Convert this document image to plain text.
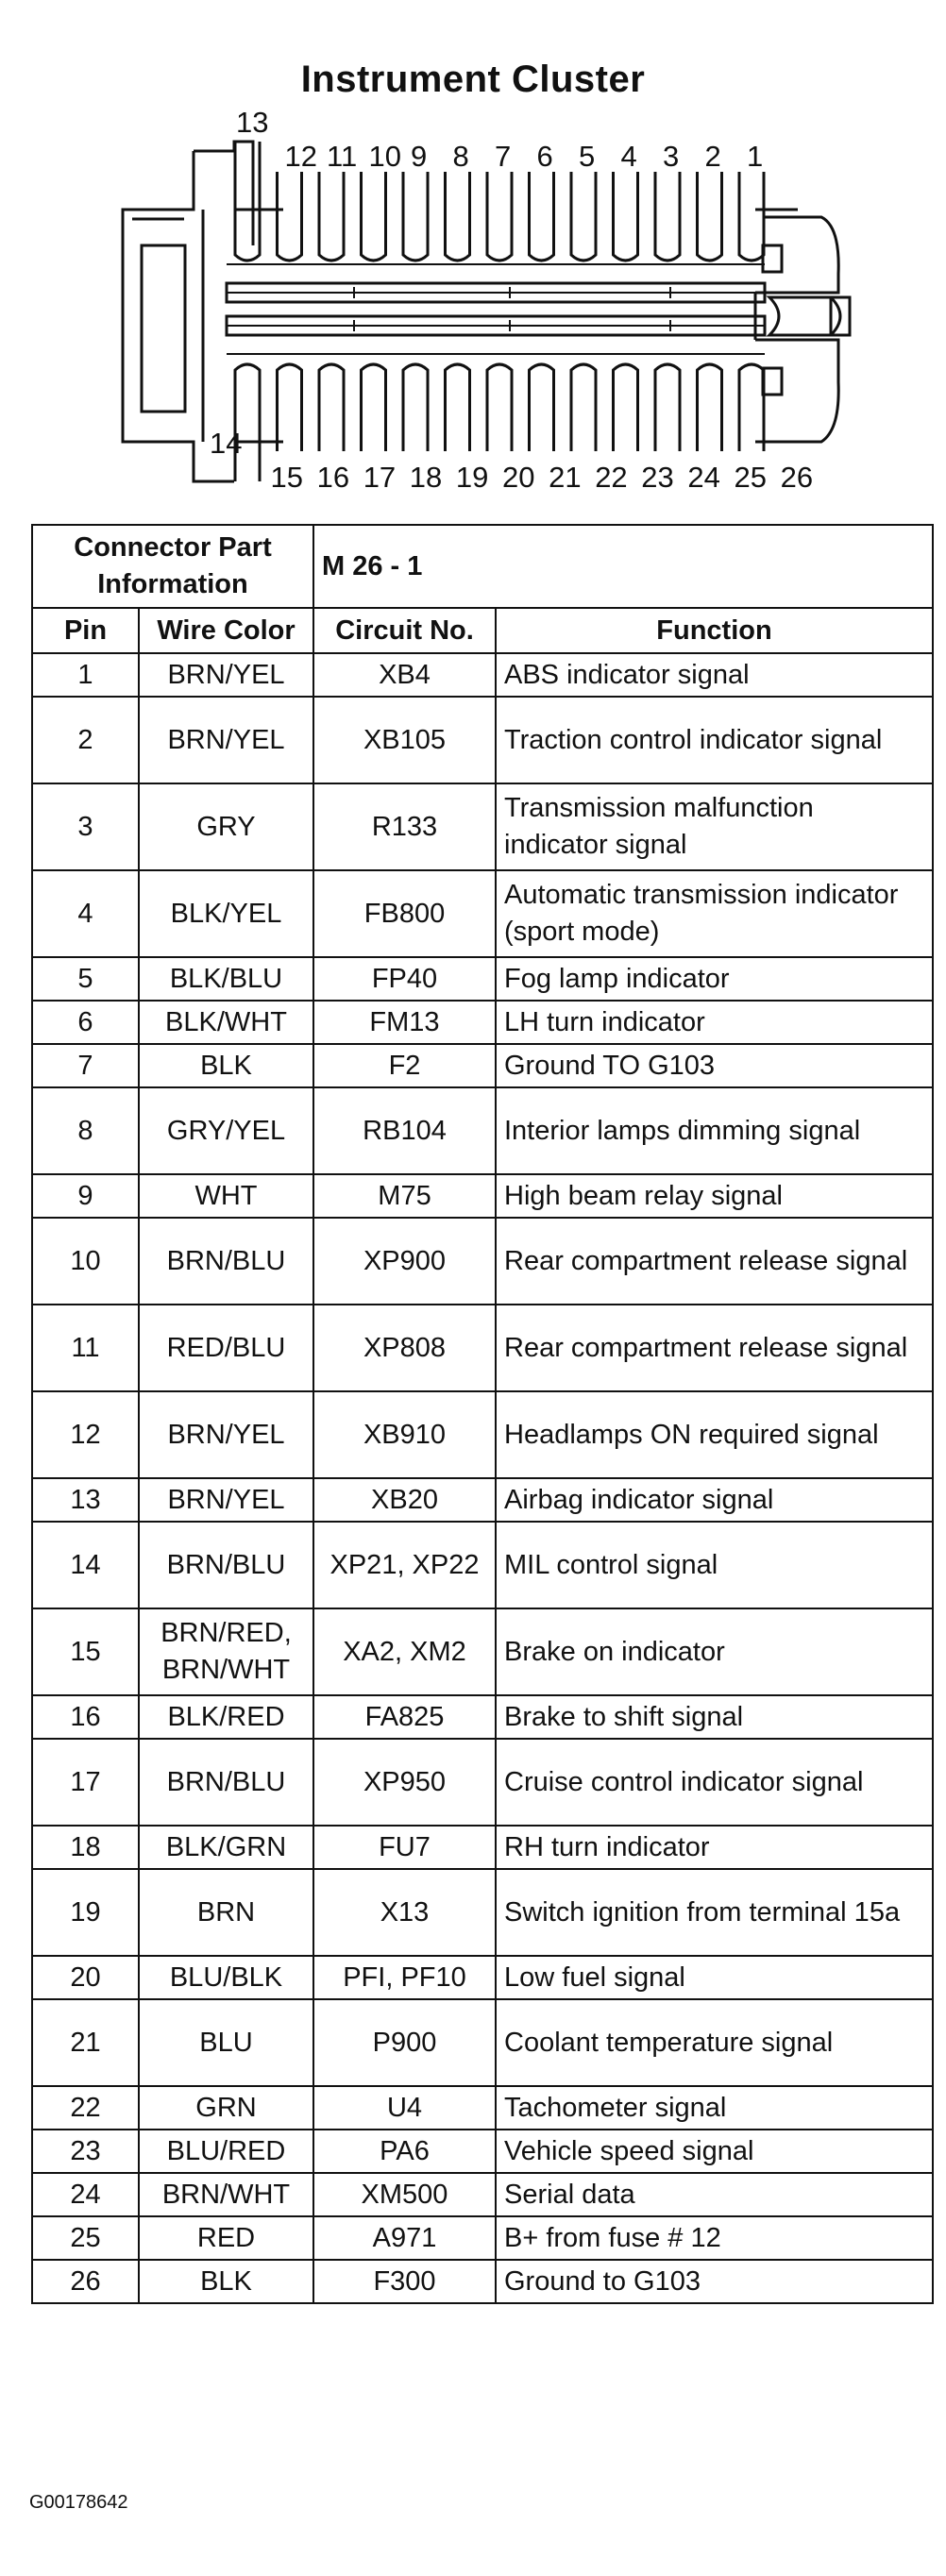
Instrument Cluster
13
12 11 10 9 8 7 6 5 4 3 2 1
14
15 16 17 18 19 20 21 22 23 24 25 26
Connector Part Information		M 26 - 1	
Pin	Wire Color	Circuit No.	Function
1	BRN/YEL	XB4	ABS indicator signal
2	BRN/YEL	XB105	Traction control indicator signal
3	GRY	R133	Transmission malfunction indicator signal
4	BLK/YEL	FB800	Automatic transmission indicator (sport mode)
5	BLK/BLU	FP40	Fog lamp indicator
6	BLK/WHT	FM13	LH turn indicator
7	BLK	F2	Ground TO G103
8	GRY/YEL	RB104	Interior lamps dimming signal
9	WHT	M75	High beam relay signal
10	BRN/BLU	XP900	Rear compartment release signal
11	RED/BLU	XP808	Rear compartment release signal
12	BRN/YEL	XB910	Headlamps ON required signal
13	BRN/YEL	XB20	Airbag indicator signal
14	BRN/BLU	XP21, XP22	MIL control signal
15	BRN/RED, BRN/WHT	XA2, XM2	Brake on indicator
16	BLK/RED	FA825	Brake to shift signal
17	BRN/BLU	XP950	Cruise control indicator signal
18	BLK/GRN	FU7	RH turn indicator
19	BRN	X13	Switch ignition from terminal 15a
20	BLU/BLK	PFI, PF10	Low fuel signal
21	BLU	P900	Coolant temperature signal
22	GRN	U4	Tachometer signal
23	BLU/RED	PA6	Vehicle speed signal
24	BRN/WHT	XM500	Serial data
25	RED	A971	B+ from fuse # 12
26	BLK	F300	Ground to G103
G00178642
